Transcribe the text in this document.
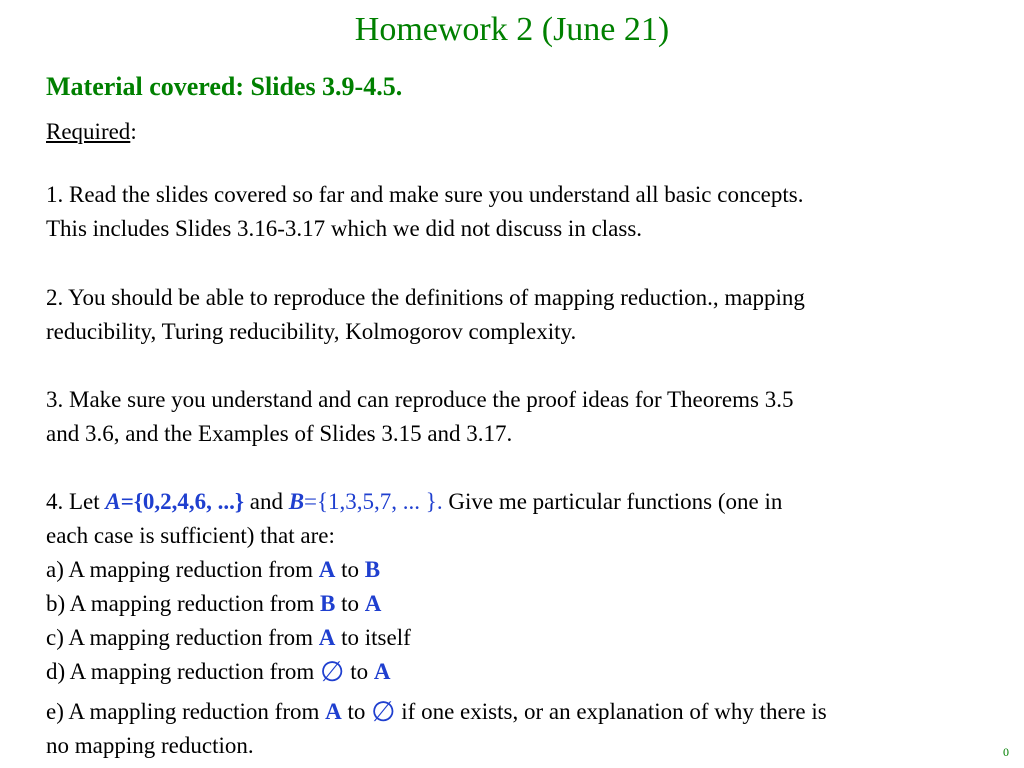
Homework 2 (June 21)
Material covered: Slides 3.9-4.5.
Required:
1. Read the slides covered so far and make sure you understand all basic concepts.
This includes Slides 3.16-3.17 which we did not discuss in class.
2. You should be able to reproduce the definitions of mapping reduction., mapping
reducibility, Turing reducibility, Kolmogorov complexity.
3. Make sure you understand and can reproduce the proof ideas for Theorems 3.5
and 3.6, and the Examples of Slides 3.15 and 3.17.
4. Let A={0,2,4,6, ...} and B={1,3,5,7, ... }. Give me particular functions (one in
each case is sufficient) that are:
a) A mapping reduction from A to B
b) A mapping reduction from B to A
c) A mapping reduction from A to itself
d) A mapping reduction from ∅ to A
e) A mappling reduction from A to ∅ if one exists, or an explanation of why there is
no mapping reduction.	0
